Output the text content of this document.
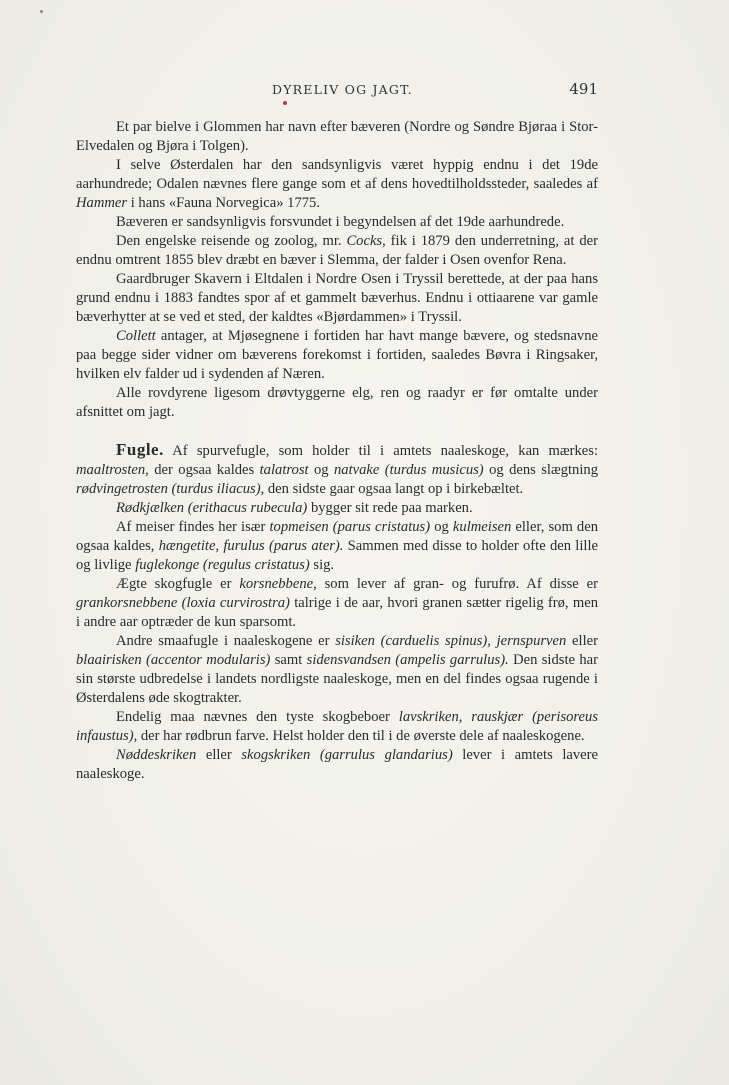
DYRELIV OG JAGT.	491

Et par bielve i Glommen har navn efter bæveren (Nordre og Søndre Bjøraa i Stor-Elvedalen og Bjøra i Tolgen).

I selve Østerdalen har den sandsynligvis været hyppig endnu i det 19de aarhundrede; Odalen nævnes flere gange som et af dens hovedtilholdssteder, saaledes af Hammer i hans «Fauna Norvegica» 1775.

Bæveren er sandsynligvis forsvundet i begyndelsen af det 19de aarhundrede.

Den engelske reisende og zoolog, mr. Cocks, fik i 1879 den underretning, at der endnu omtrent 1855 blev dræbt en bæver i Slemma, der falder i Osen ovenfor Rena.

Gaardbruger Skavern i Eltdalen i Nordre Osen i Tryssil berettede, at der paa hans grund endnu i 1883 fandtes spor af et gammelt bæverhus. Endnu i ottiaarene var gamle bæverhytter at se ved et sted, der kaldtes «Bjørdammen» i Tryssil.

Collett antager, at Mjøsegnene i fortiden har havt mange bævere, og stedsnavne paa begge sider vidner om bæverens forekomst i fortiden, saaledes Bøvra i Ringsaker, hvilken elv falder ud i sydenden af Næren.

Alle rovdyrene ligesom drøvtyggerne elg, ren og raadyr er før omtalte under afsnittet om jagt.

Fugle. Af spurvefugle, som holder til i amtets naaleskoge, kan mærkes: maaltrosten, der ogsaa kaldes talatrost og natvake (turdus musicus) og dens slægtning rødvingetrosten (turdus iliacus), den sidste gaar ogsaa langt op i birkebæltet.

Rødkjælken (erithacus rubecula) bygger sit rede paa marken.

Af meiser findes her især topmeisen (parus cristatus) og kulmeisen eller, som den ogsaa kaldes, hængetite, furulus (parus ater). Sammen med disse to holder ofte den lille og livlige fuglekonge (regulus cristatus) sig.

Ægte skogfugle er korsnebbene, som lever af gran- og furufrø. Af disse er grankorsnebbene (loxia curvirostra) talrige i de aar, hvori granen sætter rigelig frø, men i andre aar optræder de kun sparsomt.

Andre smaafugle i naaleskogene er sisiken (carduelis spinus), jernspurven eller blaairisken (accentor modularis) samt sidensvandsen (ampelis garrulus). Den sidste har sin største udbredelse i landets nordligste naaleskoge, men en del findes ogsaa rugende i Østerdalens øde skogtrakter.

Endelig maa nævnes den tyste skogbeboer lavskriken, rauskjær (perisoreus infaustus), der har rødbrun farve. Helst holder den til i de øverste dele af naaleskogene.

Nøddeskriken eller skogskriken (garrulus glandarius) lever i amtets lavere naaleskoge.
